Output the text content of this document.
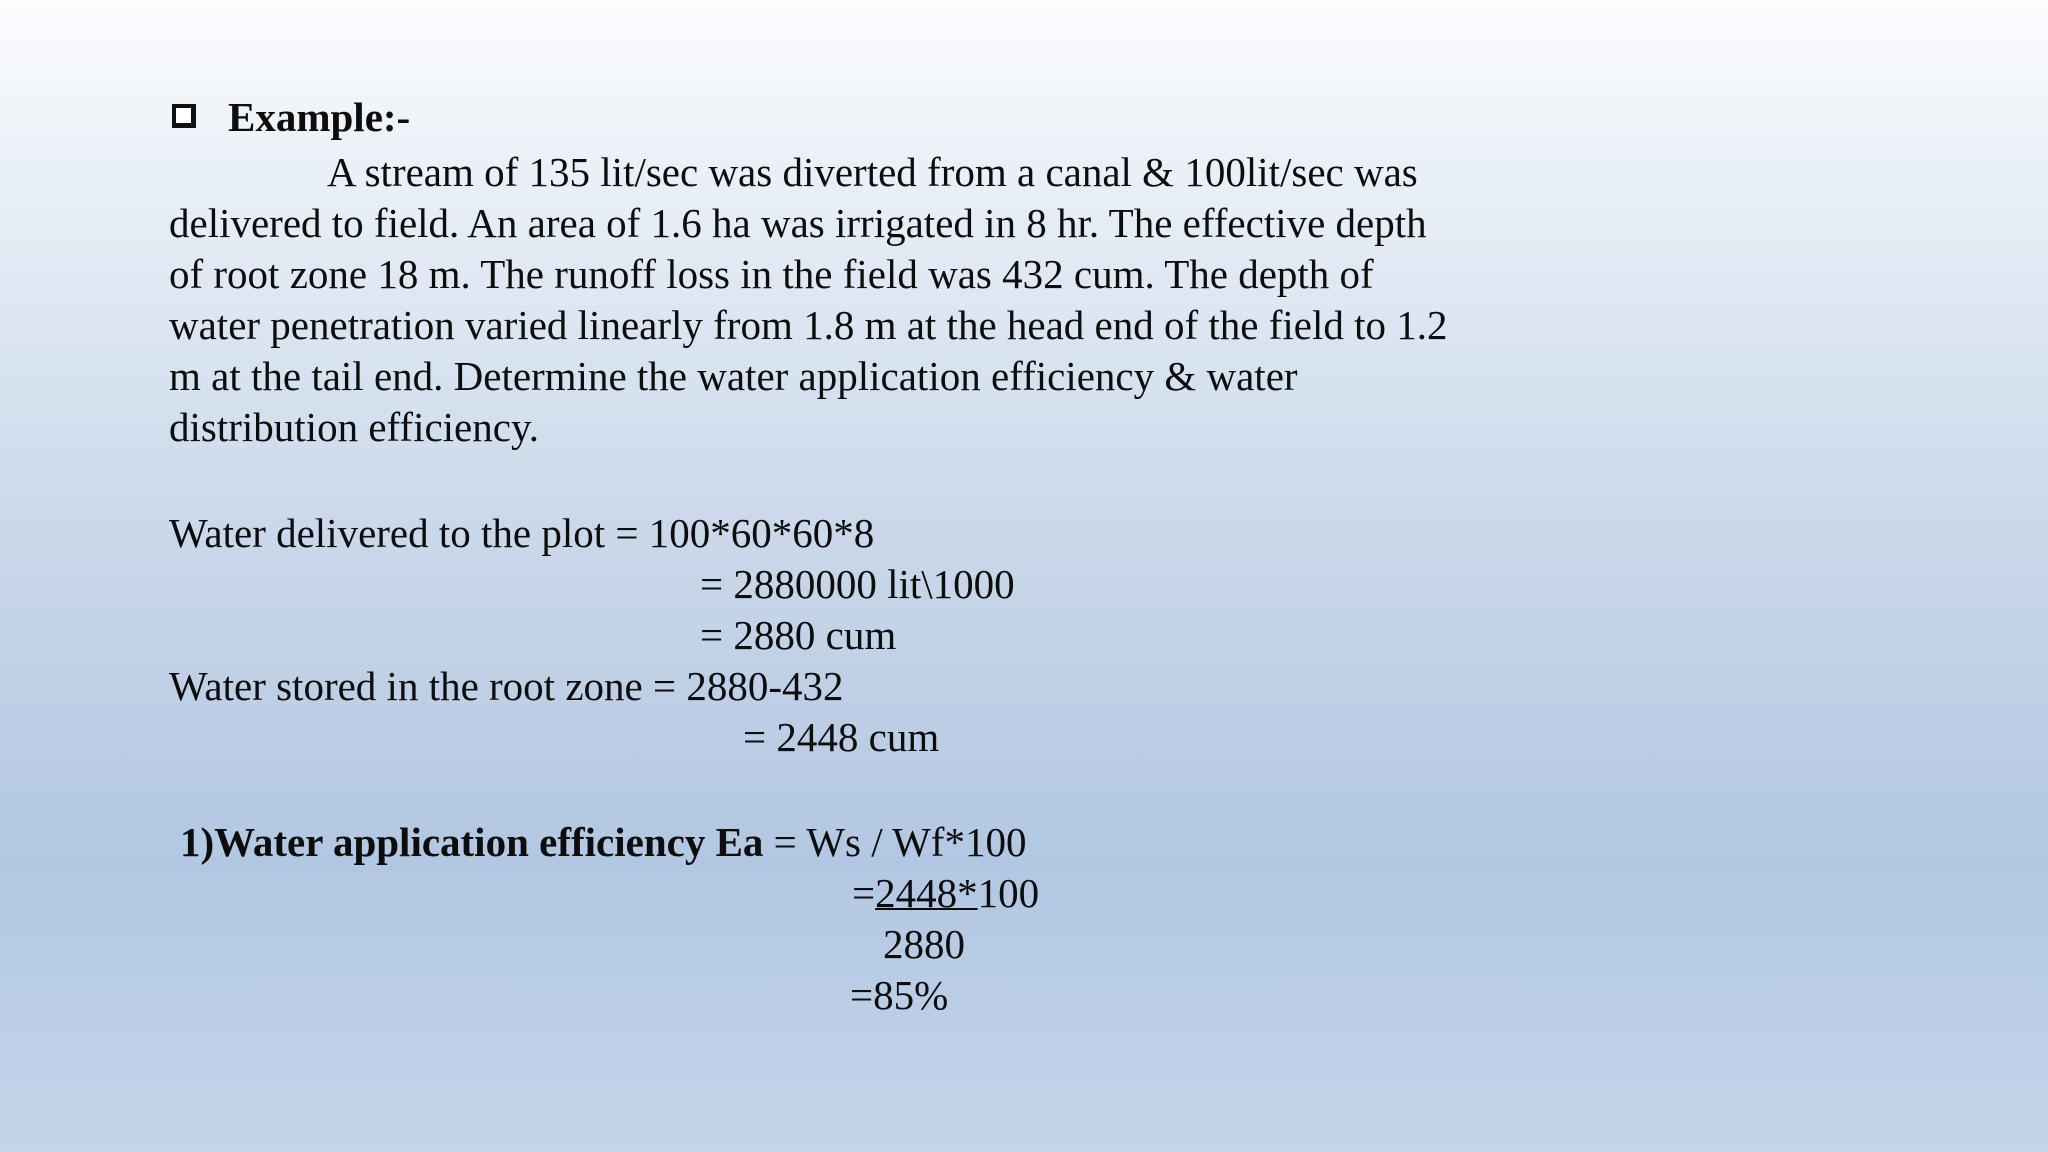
Example:-
A stream of 135 lit/sec was diverted from a canal & 100lit/sec was
delivered to field. An area of 1.6 ha was irrigated in 8 hr. The effective depth
of root zone 18 m. The runoff loss in the field was 432 cum. The depth of
water penetration varied linearly from 1.8 m at the head end of the field to 1.2
m at the tail end. Determine the water application efficiency & water
distribution efficiency.
Water delivered to the plot = 100*60*60*8
= 2880000 lit\1000
= 2880 cum
Water stored in the root zone = 2880-432
= 2448 cum
1)Water application efficiency Ea = Ws / Wf*100
=2448*100
2880
=85%
